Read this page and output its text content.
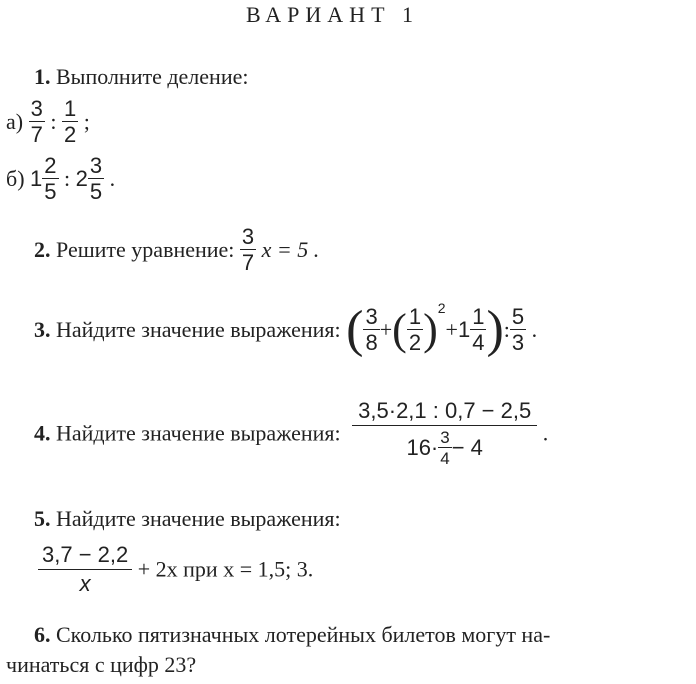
ВАРИАНТ 1
1. Выполните деление:
$а) \frac{3}{7}$ : $\frac{1}{2}$ ;
б) $1 \frac{2}{5}$ : $2 \frac{3}{5}$ .
2. Решите уравнение: $\frac{3}{7}$ x = 5 .
3. Найдите значение выражения: ( $\frac{3}{8}$ +( $\frac{1}{2} )^2+1 \frac{1}{4}$ ): $\frac{5}{3}$ .
4. Найдите значение выражения: $\frac{3,5\cdot 2,1 : 0,7 - 2,5}{16\cdot \frac{3}{4} - 4}$ .
5. Найдите значение выражения:
$\frac{3,7 - 2,2}{x} + 2x$ при x = 1,5; 3.
6. Сколько пятизначных лотерейных билетов могут на-
чинаться с цифр 23?
